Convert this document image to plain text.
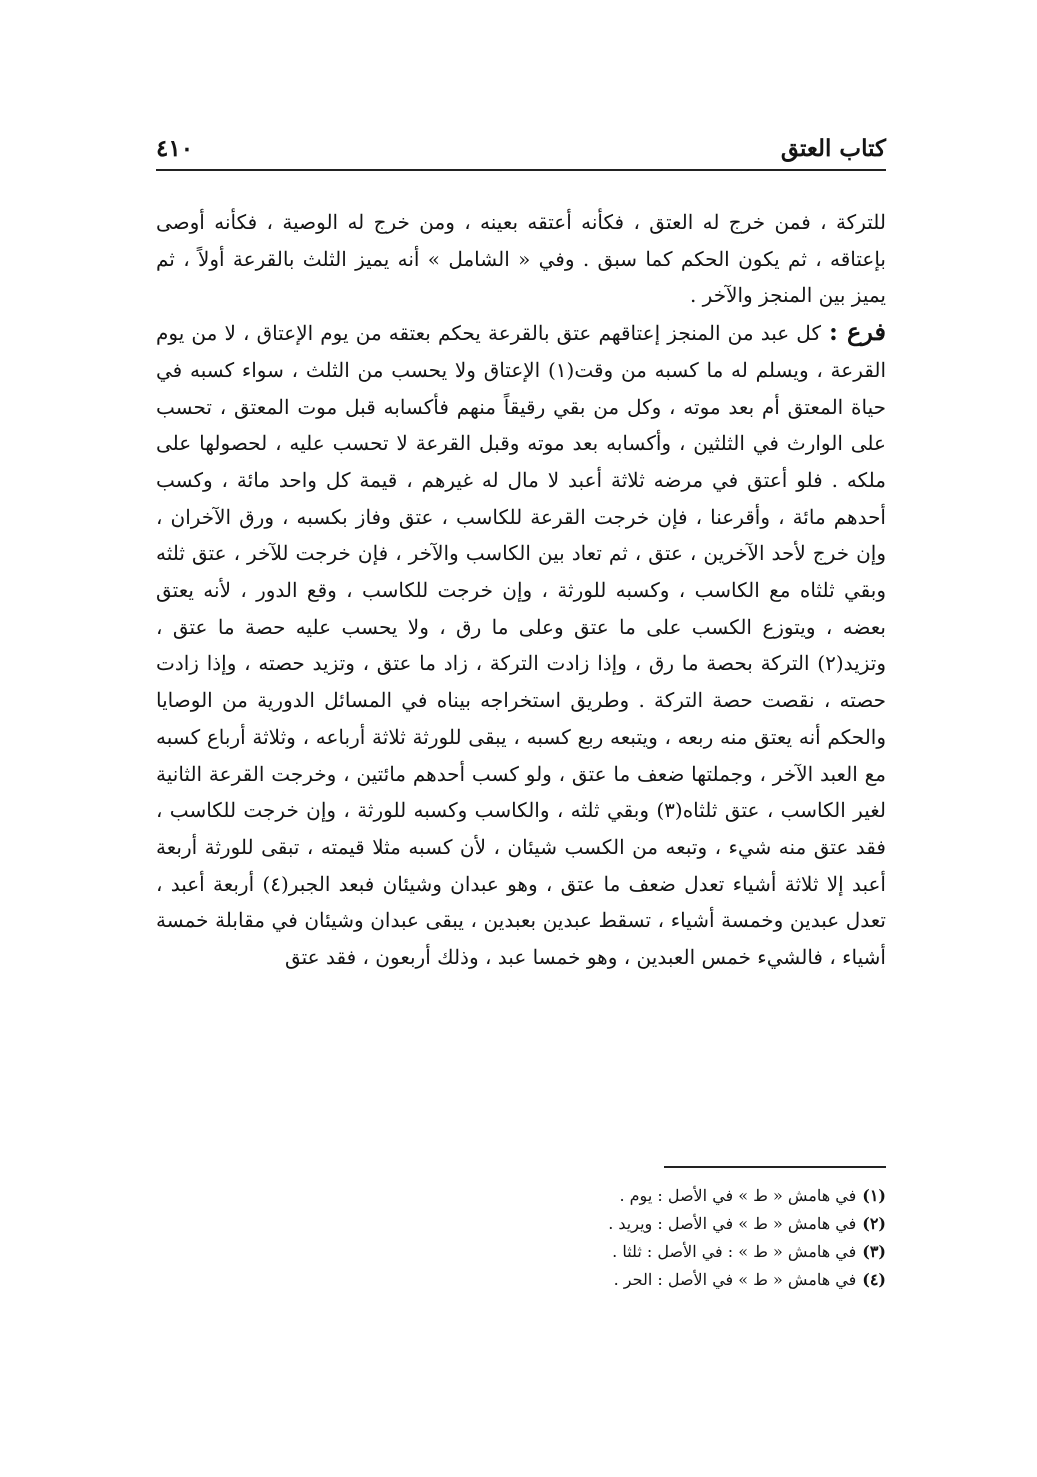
كتاب العتق
٤١٠

للتركة ، فمن خرج له العتق ، فكأنه أعتقه بعينه ، ومن خرج له الوصية ، فكأنه أوصى بإعتاقه ، ثم يكون الحكم كما سبق . وفي « الشامل » أنه يميز الثلث بالقرعة أولاً ، ثم يميز بين المنجز والآخر .

فرع :كل عبد من المنجز إعتاقهم عتق بالقرعة يحكم بعتقه من يوم الإعتاق ، لا من يوم القرعة ، ويسلم له ما كسبه من وقت(١) الإعتاق ولا يحسب من الثلث ، سواء كسبه في حياة المعتق أم بعد موته ، وكل من بقي رقيقاً منهم فأكسابه قبل موت المعتق ، تحسب على الوارث في الثلثين ، وأكسابه بعد موته وقبل القرعة لا تحسب عليه ، لحصولها على ملكه . فلو أعتق في مرضه ثلاثة أعبد لا مال له غيرهم ، قيمة كل واحد مائة ، وكسب أحدهم مائة ، وأقرعنا ، فإن خرجت القرعة للكاسب ، عتق وفاز بكسبه ، ورق الآخران ، وإن خرج لأحد الآخرين ، عتق ، ثم تعاد بين الكاسب والآخر ، فإن خرجت للآخر ، عتق ثلثه وبقي ثلثاه مع الكاسب ، وكسبه للورثة ، وإن خرجت للكاسب ، وقع الدور ، لأنه يعتق بعضه ، ويتوزع الكسب على ما عتق وعلى ما رق ، ولا يحسب عليه حصة ما عتق ، وتزيد(٢) التركة بحصة ما رق ، وإذا زادت التركة ، زاد ما عتق ، وتزيد حصته ، وإذا زادت حصته ، نقصت حصة التركة . وطريق استخراجه بيناه في المسائل الدورية من الوصايا والحكم أنه يعتق منه ربعه ، ويتبعه ربع كسبه ، يبقى للورثة ثلاثة أرباعه ، وثلاثة أرباع كسبه مع العبد الآخر ، وجملتها ضعف ما عتق ، ولو كسب أحدهم مائتين ، وخرجت القرعة الثانية لغير الكاسب ، عتق ثلثاه(٣) وبقي ثلثه ، والكاسب وكسبه للورثة ، وإن خرجت للكاسب ، فقد عتق منه شيء ، وتبعه من الكسب شيئان ، لأن كسبه مثلا قيمته ، تبقى للورثة أربعة أعبد إلا ثلاثة أشياء تعدل ضعف ما عتق ، وهو عبدان وشيئان فبعد الجبر(٤) أربعة أعبد ، تعدل عبدين وخمسة أشياء ، تسقط عبدين بعبدين ، يبقى عبدان وشيئان في مقابلة خمسة أشياء ، فالشيء خمس العبدين ، وهو خمسا عبد ، وذلك أربعون ، فقد عتق

(١)في هامش « ط » في الأصل : يوم .
(٢)في هامش « ط » في الأصل : ويريد .
(٣)في هامش « ط » : في الأصل : ثلثا .
(٤)في هامش « ط » في الأصل : الحر .
